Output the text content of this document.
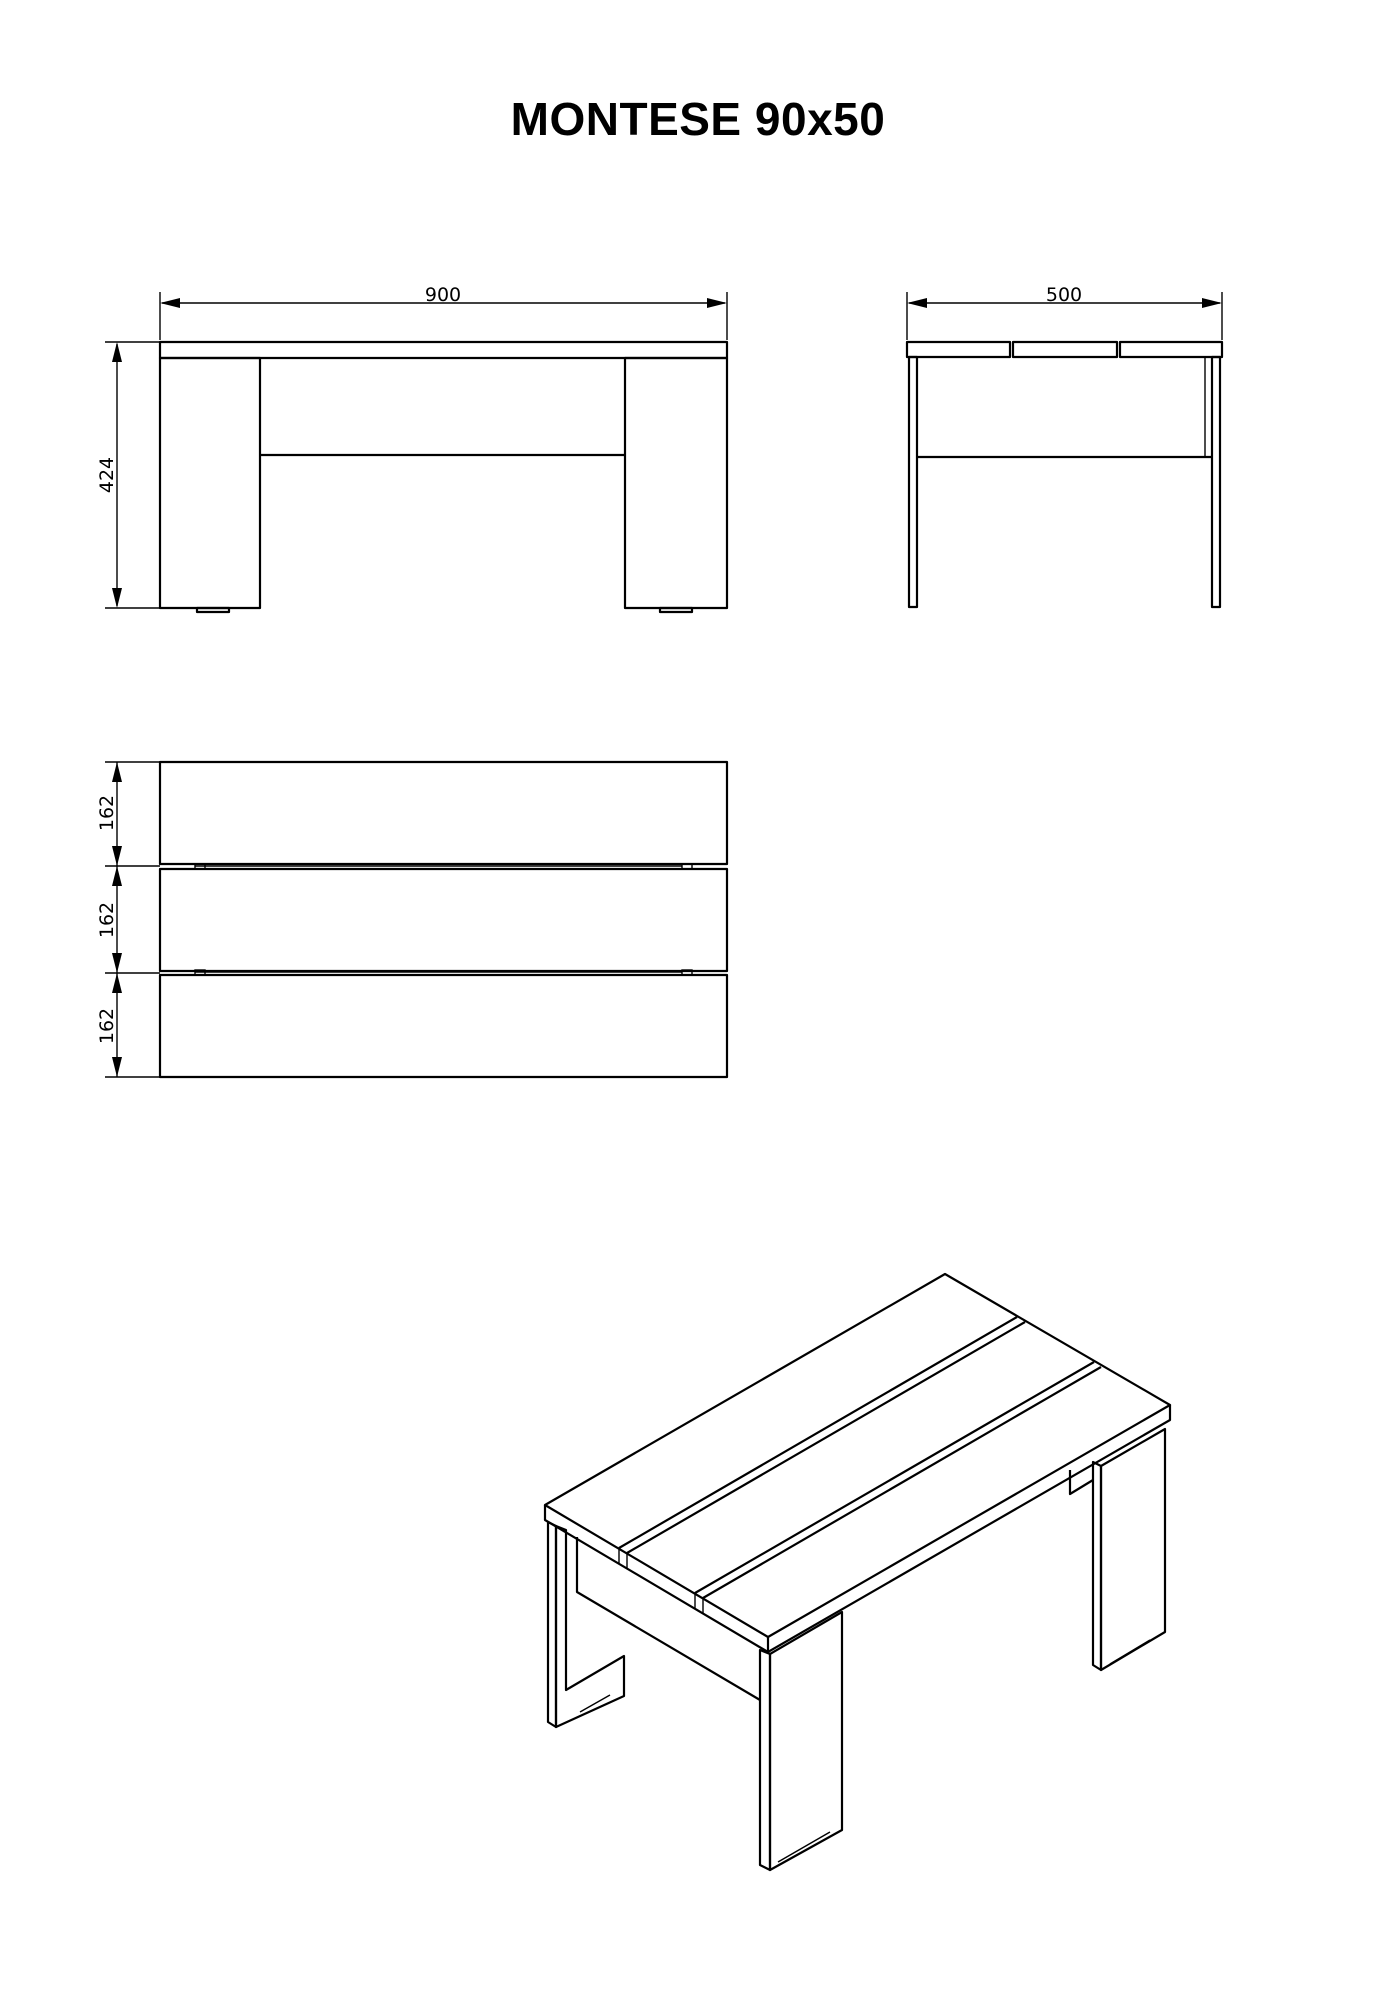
MONTESE 90x50
900
424
500
162
162
162
